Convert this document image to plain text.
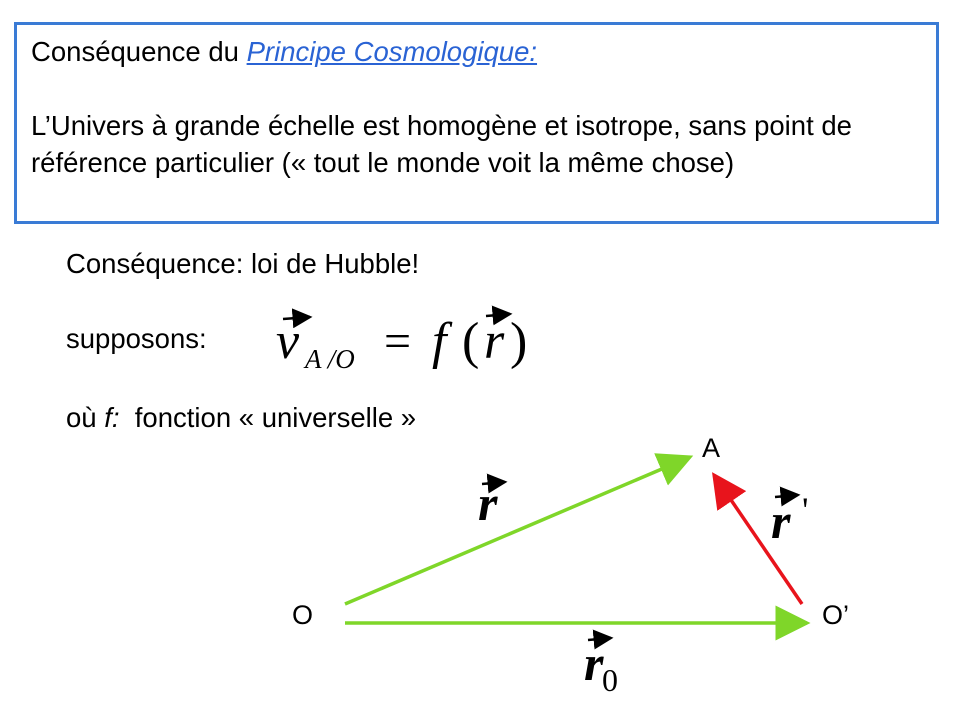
Conséquence du Principe Cosmologique:

L’Univers à grande échelle est homogène et isotrope, sans point de référence particulier (« tout le monde voit la même chose)

Conséquence: loi de Hubble!
supposons:
où f: fonction « universelle »
v A /O = f ( r )
A
O	O’
r	r '
r
0
